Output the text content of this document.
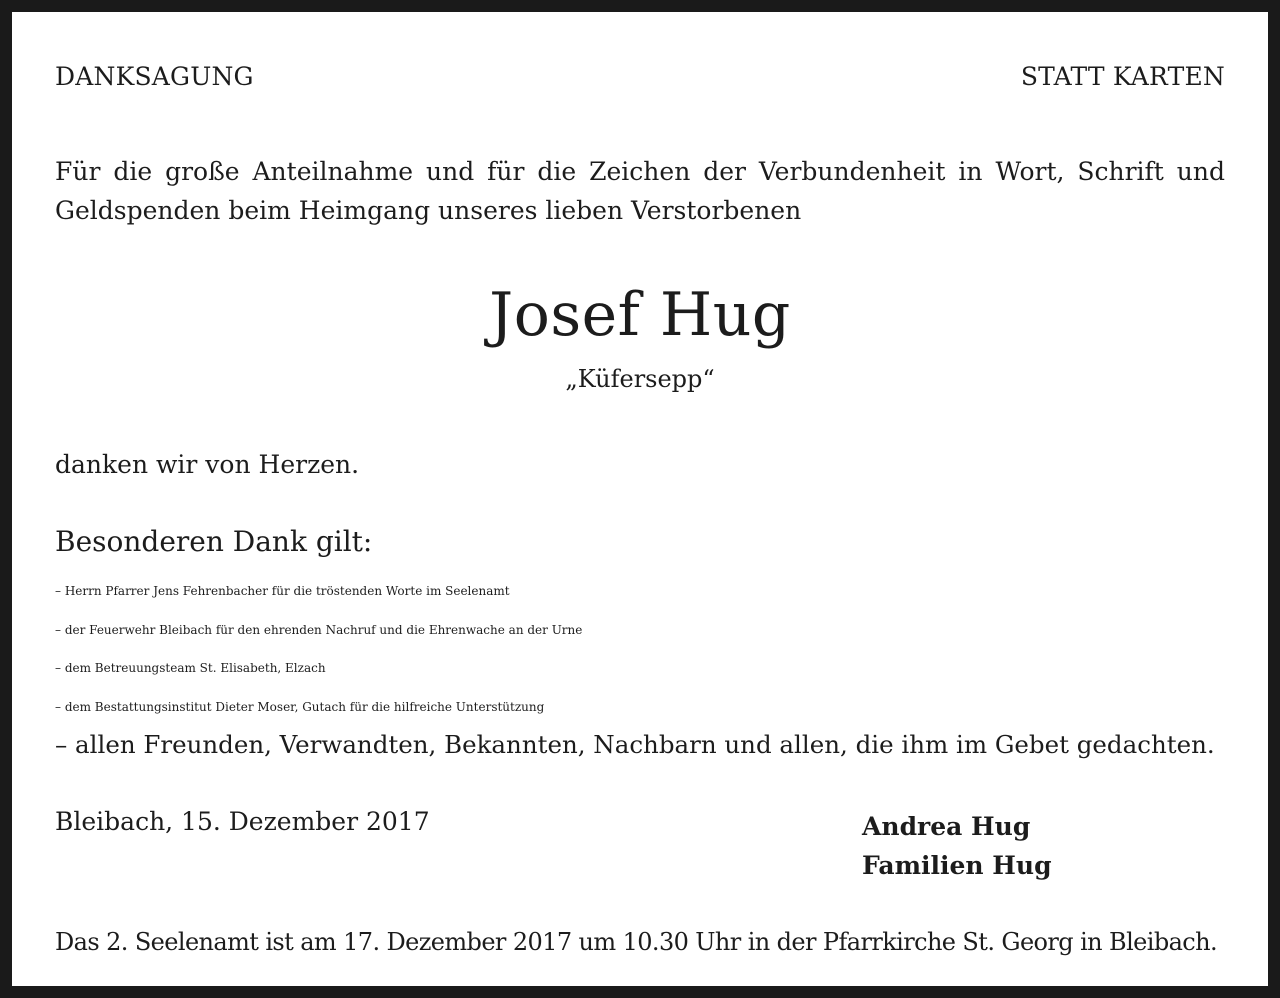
DANKSAGUNG	STATT KARTEN

Für die große Anteilnahme und für die Zeichen der Verbundenheit in Wort, Schrift und
Geldspenden beim Heimgang unseres lieben Verstorbenen

Josef Hug

„Küfersepp“

danken wir von Herzen.

Besonderen Dank gilt:

– Herrn Pfarrer Jens Fehrenbacher für die tröstenden Worte im Seelenamt
– der Feuerwehr Bleibach für den ehrenden Nachruf und die Ehrenwache an der Urne
– dem Betreuungsteam St. Elisabeth, Elzach
– dem Bestattungsinstitut Dieter Moser, Gutach für die hilfreiche Unterstützung
– allen Freunden, Verwandten, Bekannten, Nachbarn und allen, die ihm im Gebet gedachten.

Bleibach, 15. Dezember 2017	Andrea Hug
Familien Hug

Das 2. Seelenamt ist am 17. Dezember 2017 um 10.30 Uhr in der Pfarrkirche St. Georg in Bleibach.
